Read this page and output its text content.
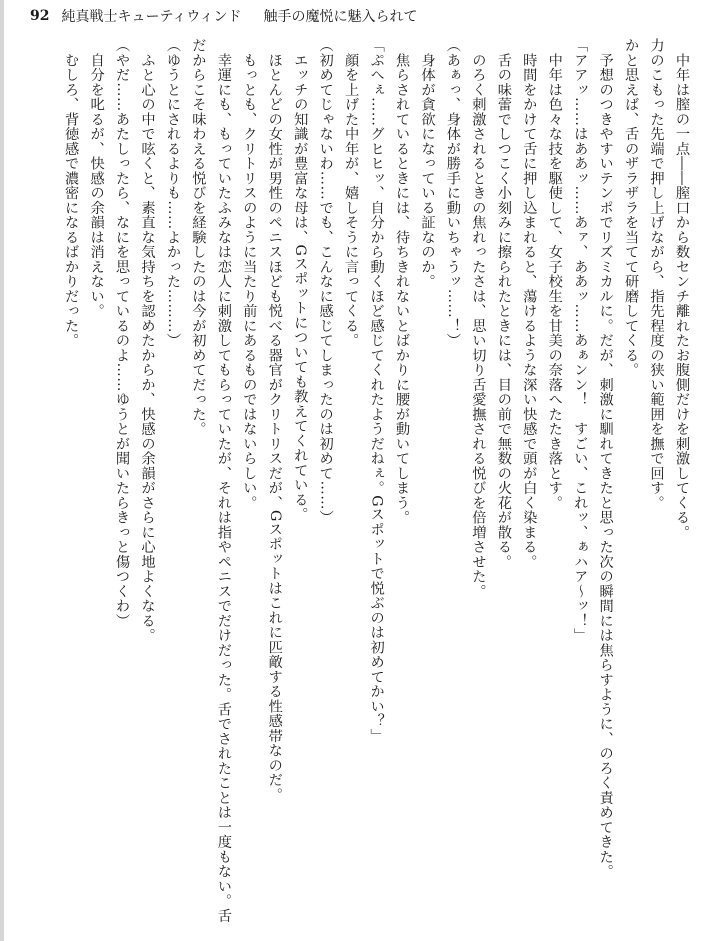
92 純真戦士キューティウィンド 触手の魔悦に魅入られて

　中年は膣の一点――膣口から数センチ離れたお腹側だけを刺激してくる。

力のこもった先端で押し上げながら、指先程度の狭い範囲を撫で回す。

かと思えば、舌のザラザラを当てて研磨してくる。

　予想のつきやすいテンポでリズミカルに。だが、刺激に馴れてきたと思った次の瞬間には焦らすように、のろく責めてきた。

「アアッ……はああッ……あァ、ああッ……あぁンン！　すごい、これッ、ぁハア～ッ！」

　中年は色々な技を駆使して、女子校生を甘美の奈落へたたき落とす。

　時間をかけて舌に押し込まれると、蕩けるような深い快感で頭が白く染まる。

　舌の味蕾でしつこく小刻みに擦られたときには、目の前で無数の火花が散る。

　のろく刺激されるときの焦れったさは、思い切り舌愛撫される悦びを倍増させた。

（あぁっ、身体が勝手に動いちゃうッ……！）

　身体が貪欲になっている証なのか。

　焦らされているときには、待ちきれないとばかりに腰が動いてしまう。

「ぷへぇ……グヒヒッ、自分から動くほど感じてくれたようだねぇ。Gスポットで悦ぶのは初めてかい？」

　顔を上げた中年が、嬉しそうに言ってくる。

（初めてじゃないわ……でも、こんなに感じてしまったのは初めて……）

　エッチの知識が豊富な母は、Gスポットについても教えてくれている。

　ほとんどの女性が男性のペニスほども悦べる器官がクリトリスだが、Gスポットはこれに匹敵する性感帯なのだ。

　もっとも、クリトリスのように当たり前にあるものではないらしい。

　幸運にも、もっていたふみなは恋人に刺激してもらっていたが、それは指やペニスでだけだった。舌でされたことは一度もない。舌

だからこそ味わえる悦びを経験したのは今が初めてだった。

（ゆうとにされるよりも……よかった………）

　ふと心の中で呟くと、素直な気持ちを認めたからか、快感の余韻がさらに心地よくなる。

（やだ……あたしったら、なにを思っているのよ……ゆうとが聞いたらきっと傷つくわ）

　自分を叱るが、快感の余韻は消えない。

　むしろ、背徳感で濃密になるばかりだった。
